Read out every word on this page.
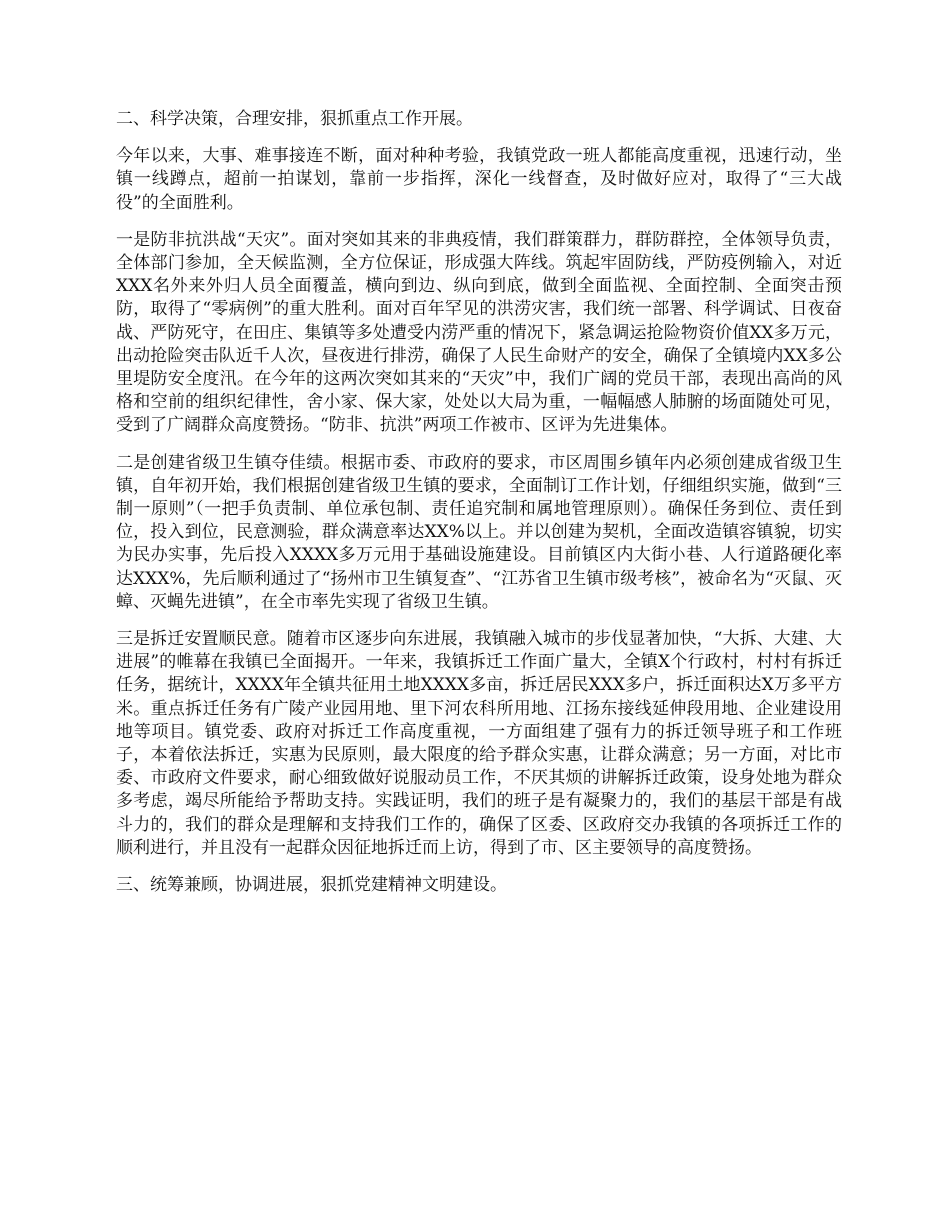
二、科学决策，合理安排，狠抓重点工作开展。

今年以来，大事、难事接连不断，面对种种考验，我镇党政一班人都能高度重视，迅速行动，坐镇一线蹲点，超前一拍谋划，靠前一步指挥，深化一线督查，及时做好应对，取得了“三大战役”的全面胜利。

一是防非抗洪战“天灾”。面对突如其来的非典疫情，我们群策群力，群防群控，全体领导负责，全体部门参加，全天候监测，全方位保证，形成强大阵线。筑起牢固防线，严防疫例输入，对近XXX名外来外归人员全面覆盖，横向到边、纵向到底，做到全面监视、全面控制、全面突击预防，取得了“零病例”的重大胜利。面对百年罕见的洪涝灾害，我们统一部署、科学调试、日夜奋战、严防死守，在田庄、集镇等多处遭受内涝严重的情况下，紧急调运抢险物资价值XX多万元，出动抢险突击队近千人次，昼夜进行排涝，确保了人民生命财产的安全，确保了全镇境内XX多公里堤防安全度汛。在今年的这两次突如其来的“天灾”中，我们广阔的党员干部，表现出高尚的风格和空前的组织纪律性，舍小家、保大家，处处以大局为重，一幅幅感人肺腑的场面随处可见，受到了广阔群众高度赞扬。“防非、抗洪”两项工作被市、区评为先进集体。

二是创建省级卫生镇夺佳绩。根据市委、市政府的要求，市区周围乡镇年内必须创建成省级卫生镇，自年初开始，我们根据创建省级卫生镇的要求，全面制订工作计划，仔细组织实施，做到“三制一原则”（一把手负责制、单位承包制、责任追究制和属地管理原则）。确保任务到位、责任到位，投入到位，民意测验，群众满意率达XX%以上。并以创建为契机，全面改造镇容镇貌，切实为民办实事，先后投入XXXX多万元用于基础设施建设。目前镇区内大街小巷、人行道路硬化率达XXX%，先后顺利通过了“扬州市卫生镇复查”、“江苏省卫生镇市级考核”，被命名为“灭鼠、灭蟑、灭蝇先进镇”，在全市率先实现了省级卫生镇。

三是拆迁安置顺民意。随着市区逐步向东进展，我镇融入城市的步伐显著加快，“大拆、大建、大进展”的帷幕在我镇已全面揭开。一年来，我镇拆迁工作面广量大，全镇X个行政村，村村有拆迁任务，据统计，XXXX年全镇共征用土地XXXX多亩，拆迁居民XXX多户，拆迁面积达X万多平方米。重点拆迁任务有广陵产业园用地、里下河农科所用地、江扬东接线延伸段用地、企业建设用地等项目。镇党委、政府对拆迁工作高度重视，一方面组建了强有力的拆迁领导班子和工作班子，本着依法拆迁，实惠为民原则，最大限度的给予群众实惠，让群众满意；另一方面，对比市委、市政府文件要求，耐心细致做好说服动员工作，不厌其烦的讲解拆迁政策，设身处地为群众多考虑，竭尽所能给予帮助支持。实践证明，我们的班子是有凝聚力的，我们的基层干部是有战斗力的，我们的群众是理解和支持我们工作的，确保了区委、区政府交办我镇的各项拆迁工作的顺利进行，并且没有一起群众因征地拆迁而上访，得到了市、区主要领导的高度赞扬。

三、统筹兼顾，协调进展，狠抓党建精神文明建设。
